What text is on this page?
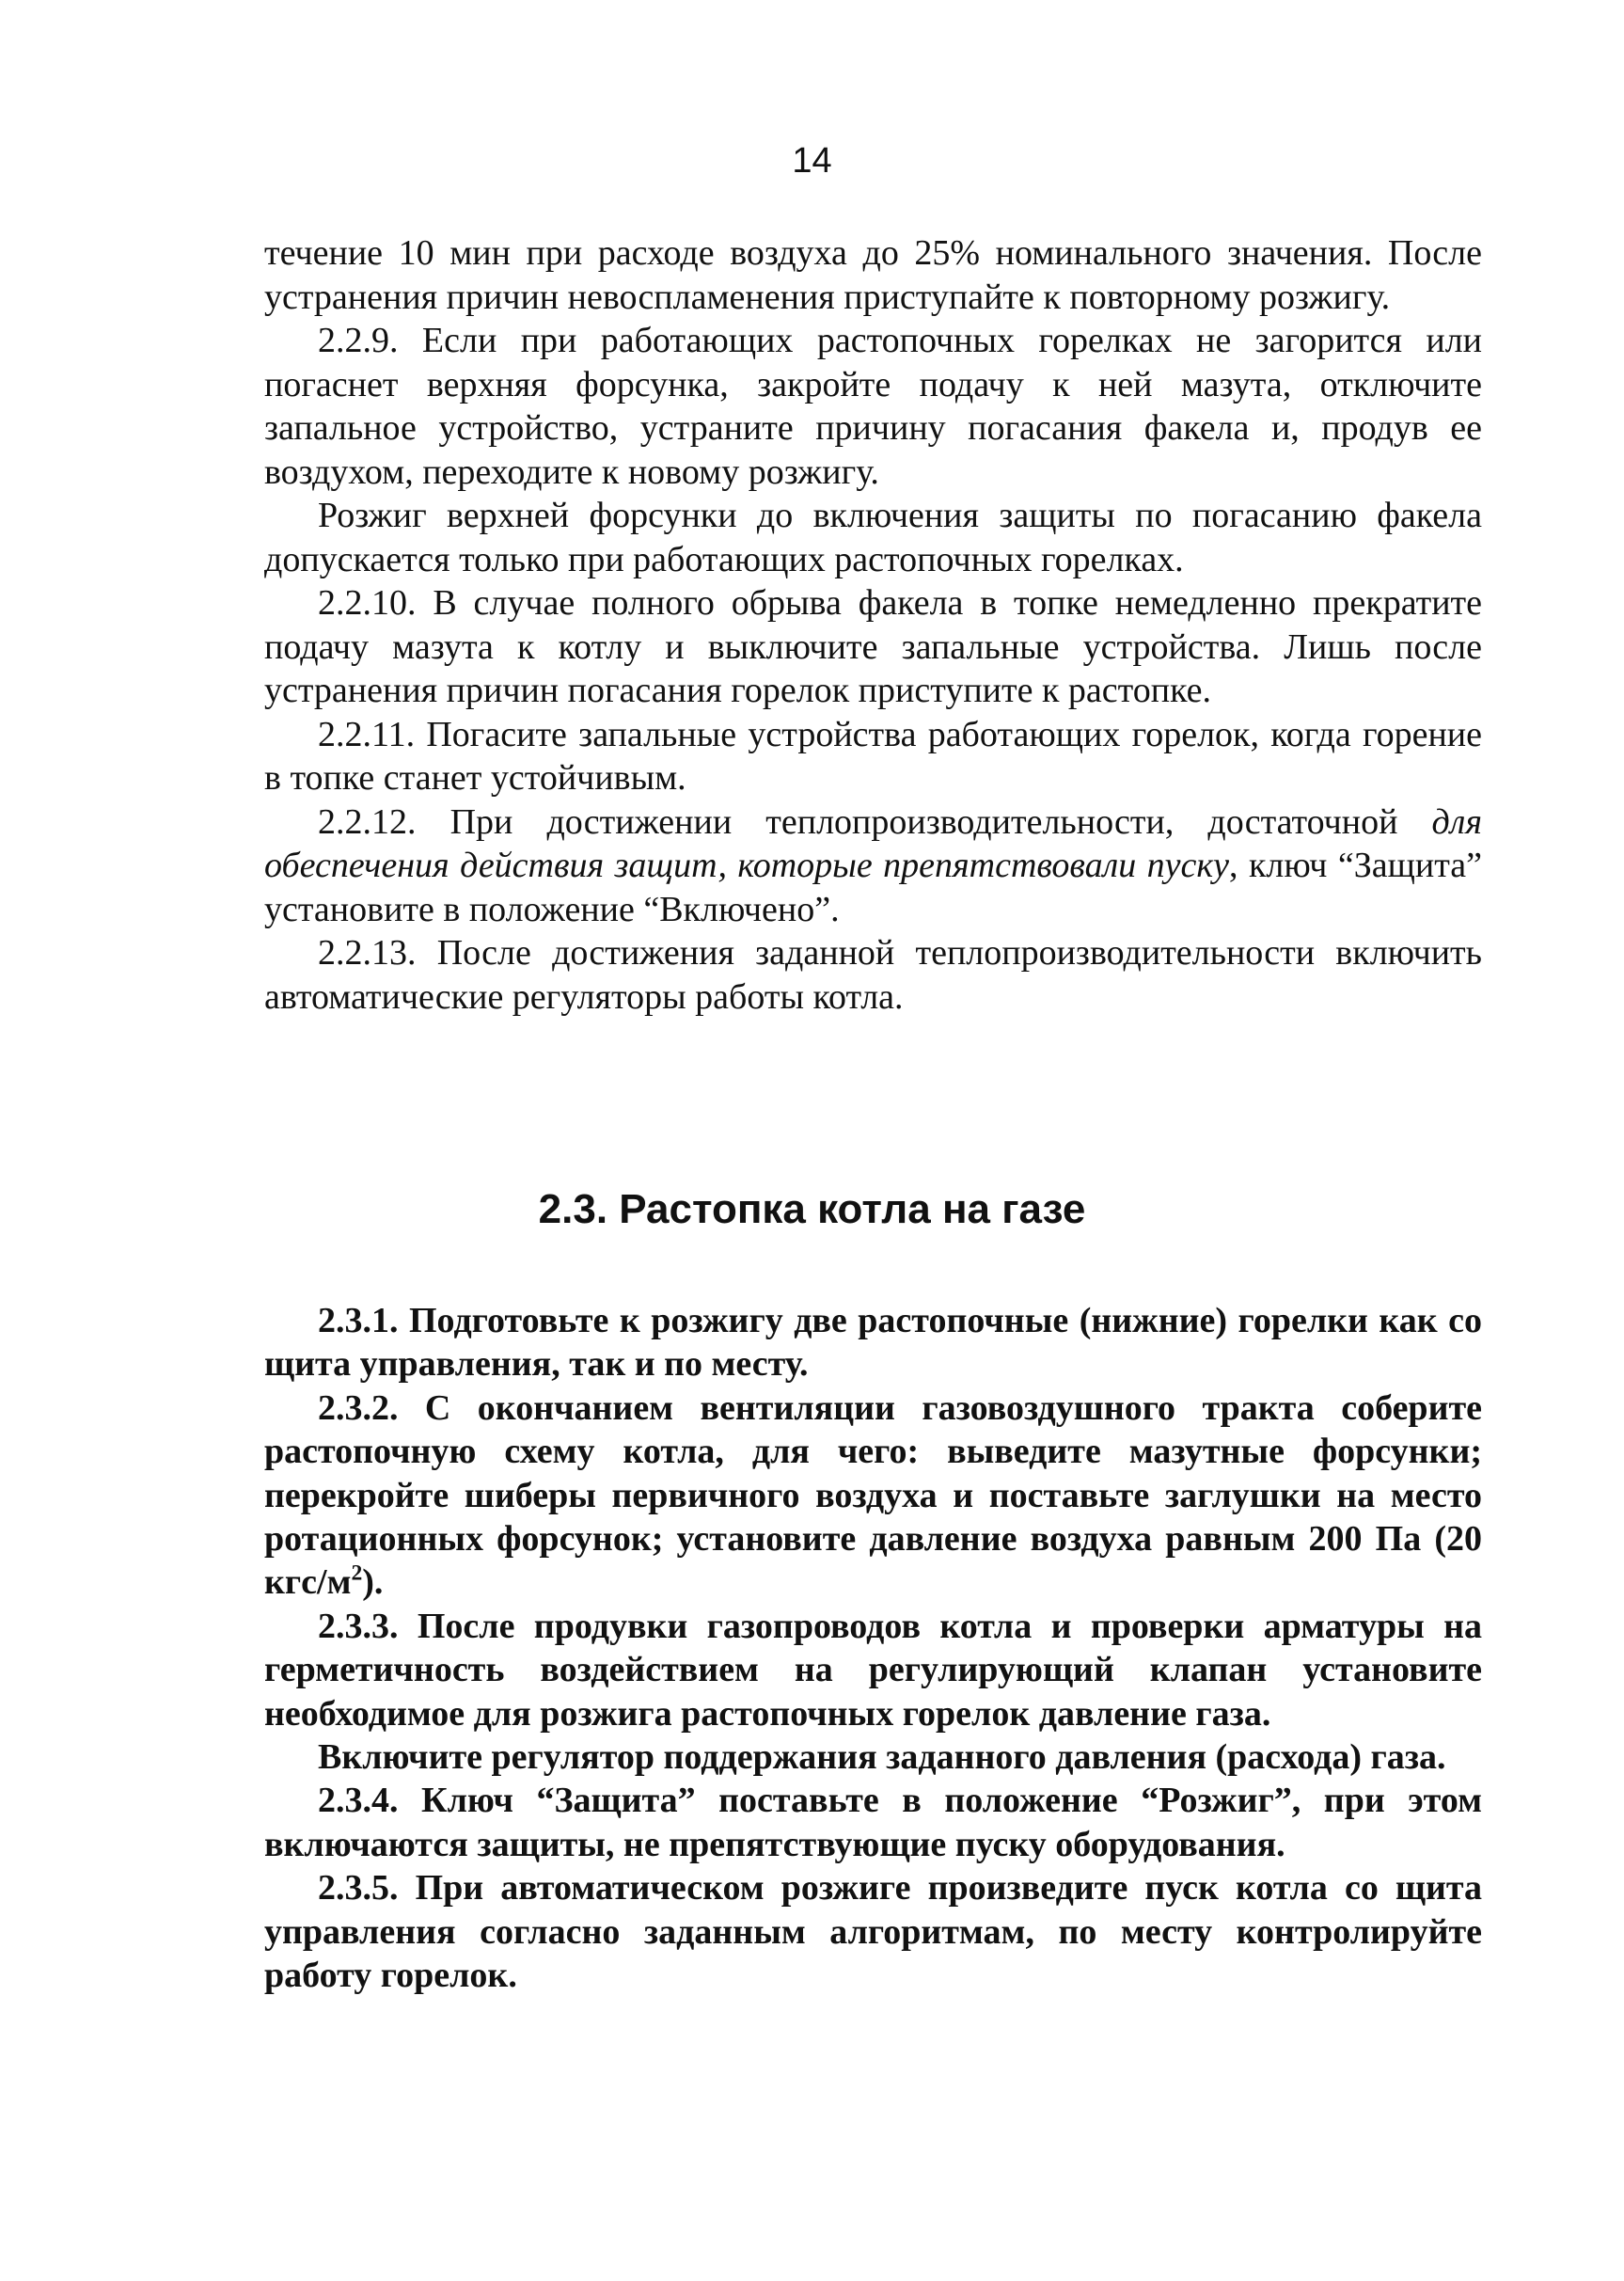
14

течение 10 мин при расходе воздуха до 25% номинального значения. После устранения причин невоспламенения приступайте к повторному розжигу.

2.2.9. Если при работающих растопочных горелках не загорится или погаснет верхняя форсунка, закройте подачу к ней мазута, отключите запальное устройство, устраните причину погасания факела и, продув ее воздухом, переходите к новому розжигу.

Розжиг верхней форсунки до включения защиты по погасанию факела допускается только при работающих растопочных горелках.

2.2.10. В случае полного обрыва факела в топке немедленно прекратите подачу мазута к котлу и выключите запальные устройства. Лишь после устранения причин погасания горелок приступите к растопке.

2.2.11. Погасите запальные устройства работающих горелок, когда горение в топке станет устойчивым.

2.2.12. При достижении теплопроизводительности, достаточной для обеспечения действия защит, которые препятствовали пуску, ключ “Защита” установите в положение “Включено”.

2.2.13. После достижения заданной теплопроизводительности включить автоматические регуляторы работы котла.

2.3. Растопка котла на газе

2.3.1. Подготовьте к розжигу две растопочные (нижние) горелки как со щита управления, так и по месту.

2.3.2. С окончанием вентиляции газовоздушного тракта соберите растопочную схему котла, для чего: выведите мазутные форсунки; перекройте шиберы первичного воздуха и поставьте заглушки на место ротационных форсунок; установите давление воздуха равным 200 Па (20 кгс/$м^2$).

2.3.3. После продувки газопроводов котла и проверки арматуры на герметичность воздействием на регулирующий клапан установите необходимое для розжига растопочных горелок давление газа.

Включите регулятор поддержания заданного давления (расхода) газа.

2.3.4. Ключ “Защита” поставьте в положение “Розжиг”, при этом включаются защиты, не препятствующие пуску оборудования.

2.3.5. При автоматическом розжиге произведите пуск котла со щита управления согласно заданным алгоритмам, по месту контролируйте работу горелок.
